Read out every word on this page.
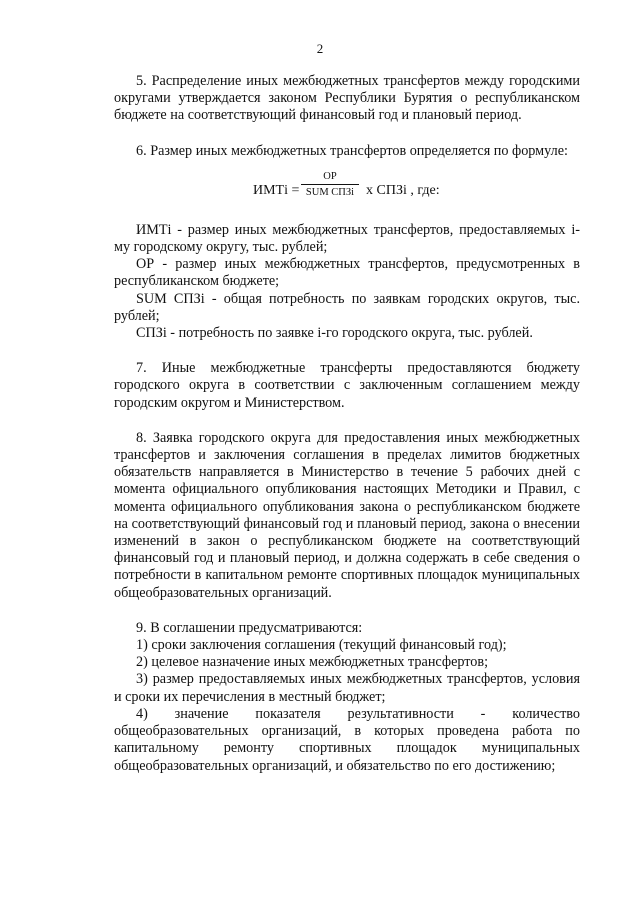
2

5. Распределение иных межбюджетных трансфертов между городскими округами утверждается законом Республики Бурятия о республиканском бюджете на соответствующий финансовый год и плановый период.

6. Размер иных межбюджетных трансфертов определяется по формуле:

ИМТi =
ОР
SUM СПЗi x СПЗi , где:

ИМТi - размер иных межбюджетных трансфертов, предоставляемых i-му городскому округу, тыс. рублей;

ОР - размер иных межбюджетных трансфертов, предусмотренных в республиканском бюджете;

SUM СПЗi - общая потребность по заявкам городских округов, тыс. рублей;

СПЗi - потребность по заявке i-го городского округа, тыс. рублей.

7. Иные межбюджетные трансферты предоставляются бюджету городского округа в соответствии с заключенным соглашением между городским округом и Министерством.

8. Заявка городского округа для предоставления иных межбюджетных трансфертов и заключения соглашения в пределах лимитов бюджетных обязательств направляется в Министерство в течение 5 рабочих дней с момента официального опубликования настоящих Методики и Правил, с момента официального опубликования закона о республиканском бюджете на соответствующий финансовый год и плановый период, закона о внесении изменений в закон о республиканском бюджете на соответствующий финансовый год и плановый период, и должна содержать в себе сведения о потребности в капитальном ремонте спортивных площадок муниципальных общеобразовательных организаций.

9. В соглашении предусматриваются:

1) сроки заключения соглашения (текущий финансовый год);

2) целевое назначение иных межбюджетных трансфертов;

3) размер предоставляемых иных межбюджетных трансфертов, условия и сроки их перечисления в местный бюджет;

4) значение показателя результативности - количество общеобразовательных организаций, в которых проведена работа по капитальному ремонту спортивных площадок муниципальных общеобразовательных организаций, и обязательство по его достижению;
